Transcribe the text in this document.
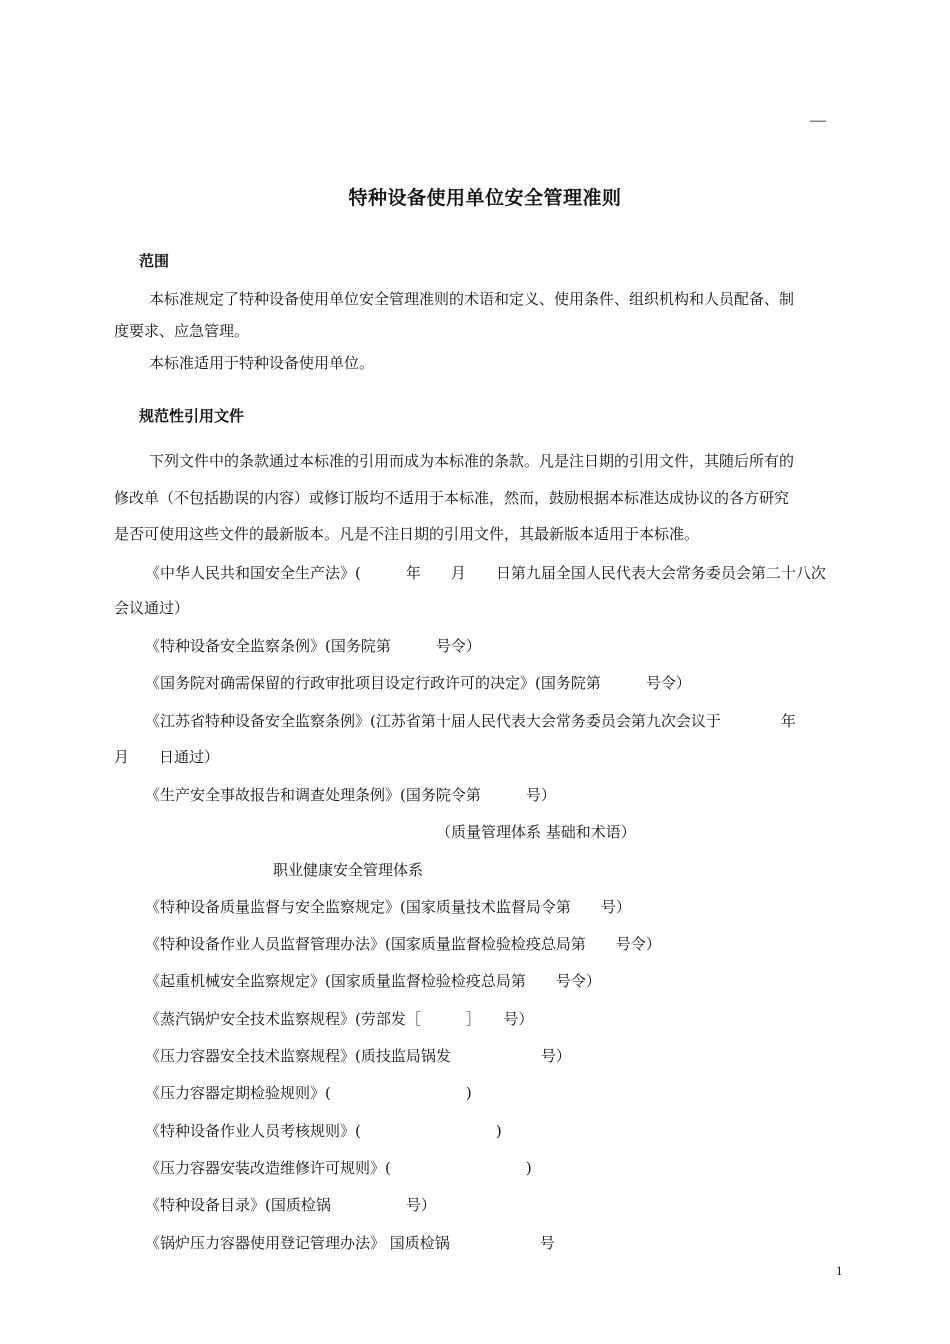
—
特种设备使用单位安全管理准则
范围
本标准规定了特种设备使用单位安全管理准则的术语和定义、使用条件、组织机构和人员配备、制
度要求、应急管理。
本标准适用于特种设备使用单位。
规范性引用文件
下列文件中的条款通过本标准的引用而成为本标准的条款。凡是注日期的引用文件，其随后所有的
修改单（不包括勘误的内容）或修订版均不适用于本标准，然而，鼓励根据本标准达成协议的各方研究
是否可使用这些文件的最新版本。凡是不注日期的引用文件，其最新版本适用于本标准。
《中华人民共和国安全生产法》(　　　年　　月　　日第九届全国人民代表大会常务委员会第二十八次
会议通过）
《特种设备安全监察条例》(国务院第　　　号令）
《国务院对确需保留的行政审批项目设定行政许可的决定》(国务院第　　　号令）
《江苏省特种设备安全监察条例》(江苏省第十届人民代表大会常务委员会第九次会议于　　　　年
月　　日通过）
《生产安全事故报告和调查处理条例》(国务院令第　　　号）
（质量管理体系 基础和术语）
职业健康安全管理体系
《特种设备质量监督与安全监察规定》(国家质量技术监督局令第　　号）
《特种设备作业人员监督管理办法》(国家质量监督检验检疫总局第　　号令）
《起重机械安全监察规定》(国家质量监督检验检疫总局第　　号令）
《蒸汽锅炉安全技术监察规程》(劳部发［　　　］　　号）
《压力容器安全技术监察规程》(质技监局锅发　　　　　　号）
《压力容器定期检验规则》(　　　　　　　　　)
《特种设备作业人员考核规则》(　　　　　　　　　)
《压力容器安装改造维修许可规则》(　　　　　　　　　)
《特种设备目录》(国质检锅　　　　　号）
《锅炉压力容器使用登记管理办法》 国质检锅　　　　　　号
1
